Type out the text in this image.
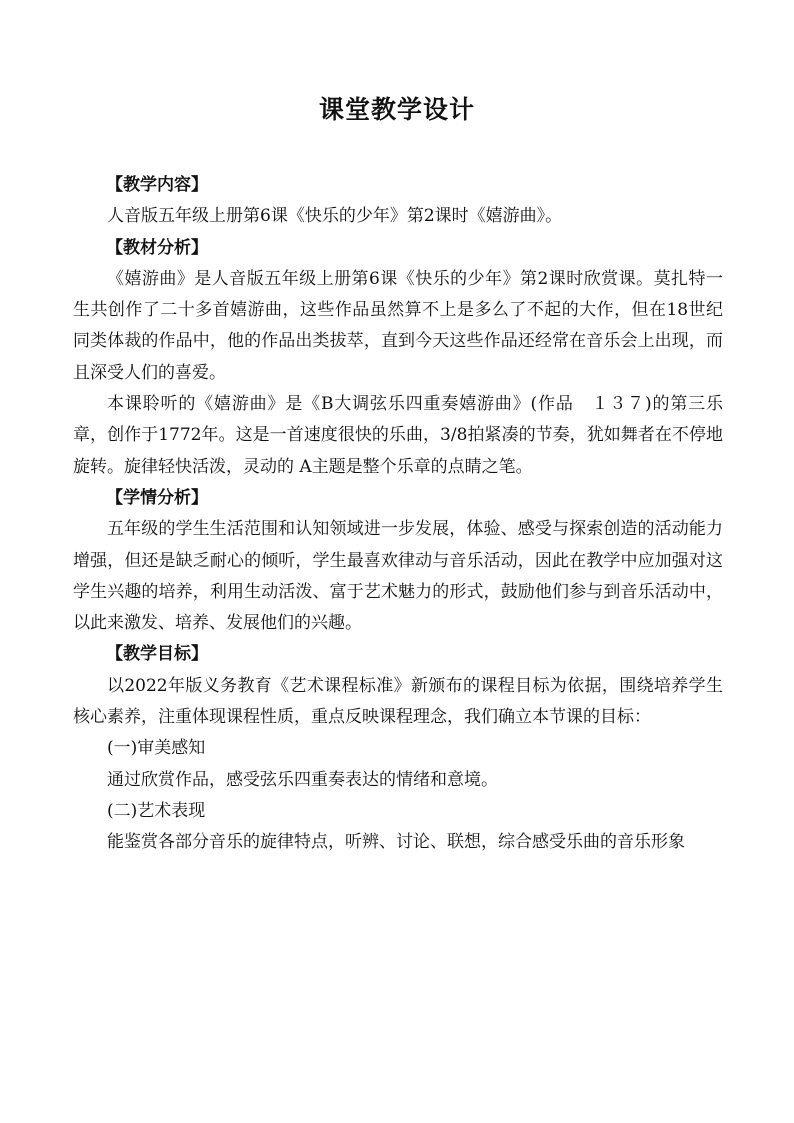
课堂教学设计

【教学内容】

人音版五年级上册第6课《快乐的少年》第2课时《嬉游曲》。

【教材分析】

《嬉游曲》是人音版五年级上册第6课《快乐的少年》第2课时欣赏课。莫扎特一生共创作了二十多首嬉游曲，这些作品虽然算不上是多么了不起的大作，但在18世纪同类体裁的作品中，他的作品出类拔萃，直到今天这些作品还经常在音乐会上出现，而且深受人们的喜爱。

本课聆听的《嬉游曲》是《B大调弦乐四重奏嬉游曲》(作品　１３７)的第三乐章，创作于1772年。这是一首速度很快的乐曲，3/8拍紧凑的节奏，犹如舞者在不停地旋转。旋律轻快活泼，灵动的 A主题是整个乐章的点睛之笔。

【学情分析】

五年级的学生生活范围和认知领域进一步发展，体验、感受与探索创造的活动能力增强，但还是缺乏耐心的倾听，学生最喜欢律动与音乐活动，因此在教学中应加强对这学生兴趣的培养，利用生动活泼、富于艺术魅力的形式，鼓励他们参与到音乐活动中，以此来激发、培养、发展他们的兴趣。

【教学目标】

以2022年版义务教育《艺术课程标准》新颁布的课程目标为依据，围绕培养学生核心素养，注重体现课程性质，重点反映课程理念，我们确立本节课的目标：

(一)审美感知

通过欣赏作品，感受弦乐四重奏表达的情绪和意境。

(二)艺术表现

能鉴赏各部分音乐的旋律特点，听辨、讨论、联想，综合感受乐曲的音乐形象
